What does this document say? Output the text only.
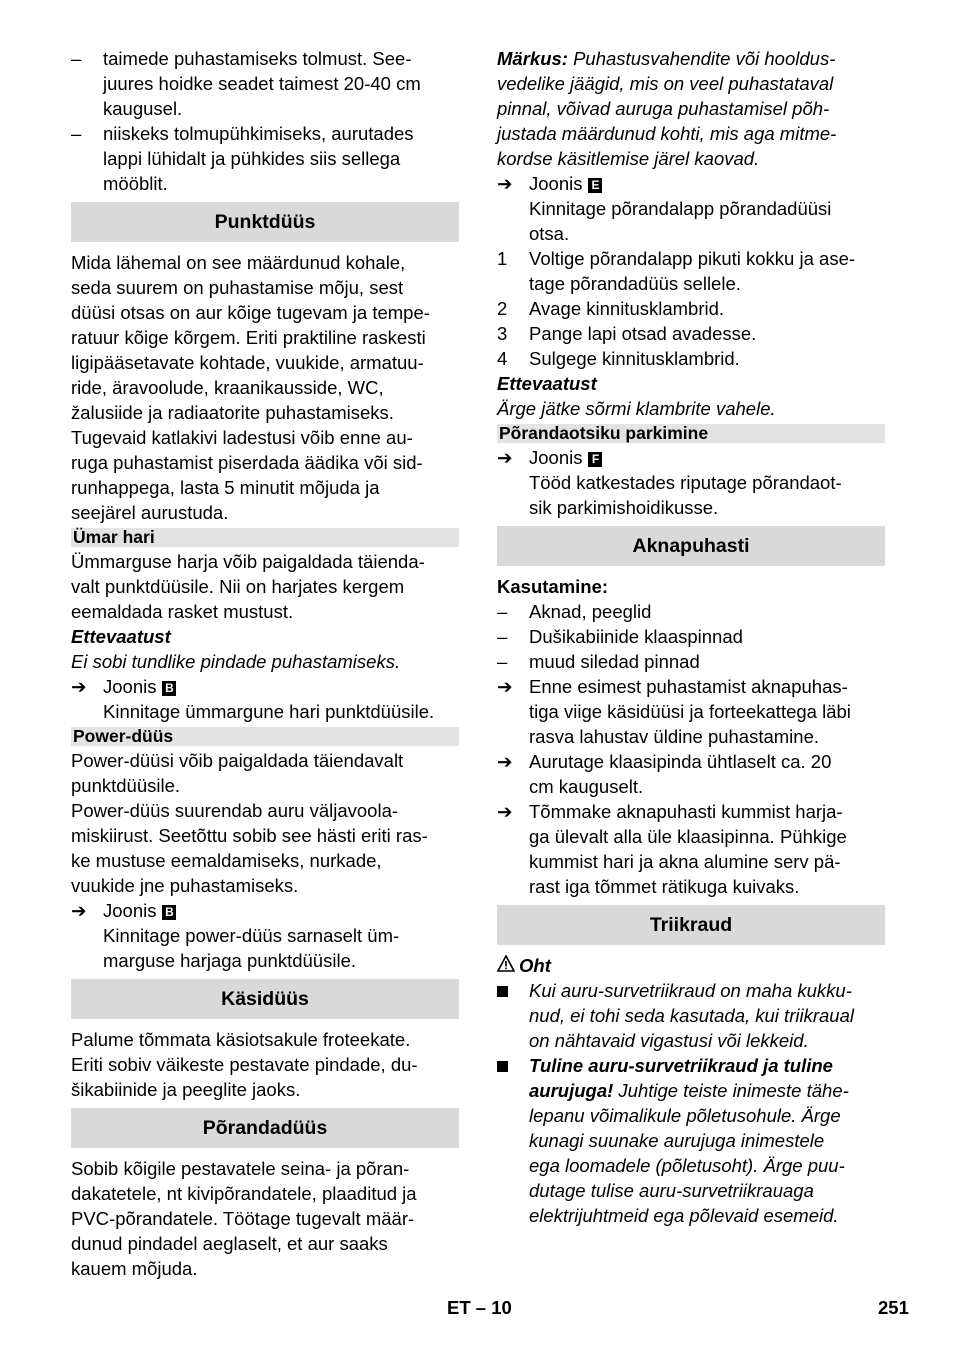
–	taimede puhastamiseks tolmust. See-
juures hoidke seadet taimest 20-40 cm
kaugusel.
–	niiskeks tolmupühkimiseks, aurutades
lappi lühidalt ja pühkides siis sellega
mööblit.
Punktdüüs
Mida lähemal on see määrdunud kohale,
seda suurem on puhastamise mõju, sest
düüsi otsas on aur kõige tugevam ja tempe-
ratuur kõige kõrgem. Eriti praktiline raskesti
ligipääsetavate kohtade, vuukide, armatuu-
ride, äravoolude, kraanikausside, WC,
žalusiide ja radiaatorite puhastamiseks.
Tugevaid katlakivi ladestusi võib enne au-
ruga puhastamist piserdada äädika või sid-
runhappega, lasta 5 minutit mõjuda ja
seejärel aurustuda.
Ümar hari
Ümmarguse harja võib paigaldada täienda-
valt punktdüüsile. Nii on harjates kergem
eemaldada rasket mustust.
Ettevaatust
Ei sobi tundlike pindade puhastamiseks.
➔ Joonis B
Kinnitage ümmargune hari punktdüüsile.
Power-düüs
Power-düüsi võib paigaldada täiendavalt
punktdüüsile.
Power-düüs suurendab auru väljavoola-
miskiirust. Seetõttu sobib see hästi eriti ras-
ke mustuse eemaldamiseks, nurkade,
vuukide jne puhastamiseks.
➔ Joonis B
Kinnitage power-düüs sarnaselt üm-
marguse harjaga punktdüüsile.
Käsidüüs
Palume tõmmata käsiotsakule froteekate.
Eriti sobiv väikeste pestavate pindade, du-
šikabiinide ja peeglite jaoks.
Põrandadüüs
Sobib kõigile pestavatele seina- ja põran-
dakatetele, nt kivipõrandatele, plaaditud ja
PVC-põrandatele. Töötage tugevalt määr-
dunud pindadel aeglaselt, et aur saaks
kauem mõjuda.
Märkus: Puhastusvahendite või hooldus-
vedelike jäägid, mis on veel puhastataval
pinnal, võivad auruga puhastamisel põh-
justada määrdunud kohti, mis aga mitme-
kordse käsitlemise järel kaovad.
➔ Joonis E
Kinnitage põrandalapp põrandadüüsi
otsa.
1	Voltige põrandalapp pikuti kokku ja ase-
tage põrandadüüs sellele.
2	Avage kinnitusklambrid.
3	Pange lapi otsad avadesse.
4	Sulgege kinnitusklambrid.
Ettevaatust
Ärge jätke sõrmi klambrite vahele.
Põrandaotsiku parkimine
➔ Joonis F
Tööd katkestades riputage põrandaot-
sik parkimishoidikusse.
Aknapuhasti
Kasutamine:
–	Aknad, peeglid
–	Dušikabiinide klaaspinnad
–	muud siledad pinnad
➔ Enne esimest puhastamist aknapuhas-
tiga viige käsidüüsi ja forteekattega läbi
rasva lahustav üldine puhastamine.
➔ Aurutage klaasipinda ühtlaselt ca. 20
cm kauguselt.
➔ Tõmmake aknapuhasti kummist harja-
ga ülevalt alla üle klaasipinna. Pühkige
kummist hari ja akna alumine serv pä-
rast iga tõmmet rätikuga kuivaks.
Triikraud
Oht
Kui auru-survetriikraud on maha kukku-
nud, ei tohi seda kasutada, kui triikraual
on nähtavaid vigastusi või lekkeid.
Tuline auru-survetriikraud ja tuline
aurujuga! Juhtige teiste inimeste tähe-
lepanu võimalikule põletusohule. Ärge
kunagi suunake aurujuga inimestele
ega loomadele (põletusoht). Ärge puu-
dutage tulise auru-survetriikrauaga
elektrijuhtmeid ega põlevaid esemeid.
ET – 10	251
